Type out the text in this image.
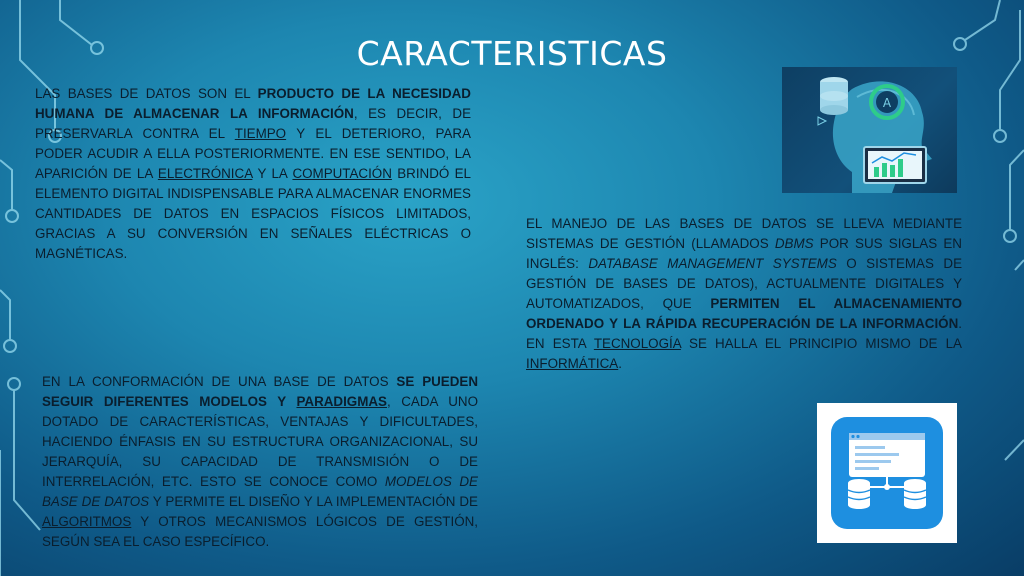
CARACTERISTICAS
LAS BASES DE DATOS SON EL PRODUCTO DE LA NECESIDAD HUMANA DE ALMACENAR LA INFORMACIÓN, ES DECIR, DE PRESERVARLA CONTRA EL TIEMPO Y EL DETERIORO, PARA PODER ACUDIR A ELLA POSTERIORMENTE. EN ESE SENTIDO, LA APARICIÓN DE LA ELECTRÓNICA Y LA COMPUTACIÓN BRINDÓ EL ELEMENTO DIGITAL INDISPENSABLE PARA ALMACENAR ENORMES CANTIDADES DE DATOS EN ESPACIOS FÍSICOS LIMITADOS, GRACIAS A SU CONVERSIÓN EN SEÑALES ELÉCTRICAS O MAGNÉTICAS.
A
EL MANEJO DE LAS BASES DE DATOS SE LLEVA MEDIANTE SISTEMAS DE GESTIÓN (LLAMADOS DBMS POR SUS SIGLAS EN INGLÉS: DATABASE MANAGEMENT SYSTEMS O SISTEMAS DE GESTIÓN DE BASES DE DATOS), ACTUALMENTE DIGITALES Y AUTOMATIZADOS, QUE PERMITEN EL ALMACENAMIENTO ORDENADO Y LA RÁPIDA RECUPERACIÓN DE LA INFORMACIÓN. EN ESTA TECNOLOGÍA SE HALLA EL PRINCIPIO MISMO DE LA INFORMÁTICA.
EN LA CONFORMACIÓN DE UNA BASE DE DATOS SE PUEDEN SEGUIR DIFERENTES MODELOS Y PARADIGMAS, CADA UNO DOTADO DE CARACTERÍSTICAS, VENTAJAS Y DIFICULTADES, HACIENDO ÉNFASIS EN SU ESTRUCTURA ORGANIZACIONAL, SU JERARQUÍA, SU CAPACIDAD DE TRANSMISIÓN O DE INTERRELACIÓN, ETC. ESTO SE CONOCE COMO MODELOS DE BASE DE DATOS Y PERMITE EL DISEÑO Y LA IMPLEMENTACIÓN DE ALGORITMOS Y OTROS MECANISMOS LÓGICOS DE GESTIÓN, SEGÚN SEA EL CASO ESPECÍFICO.
